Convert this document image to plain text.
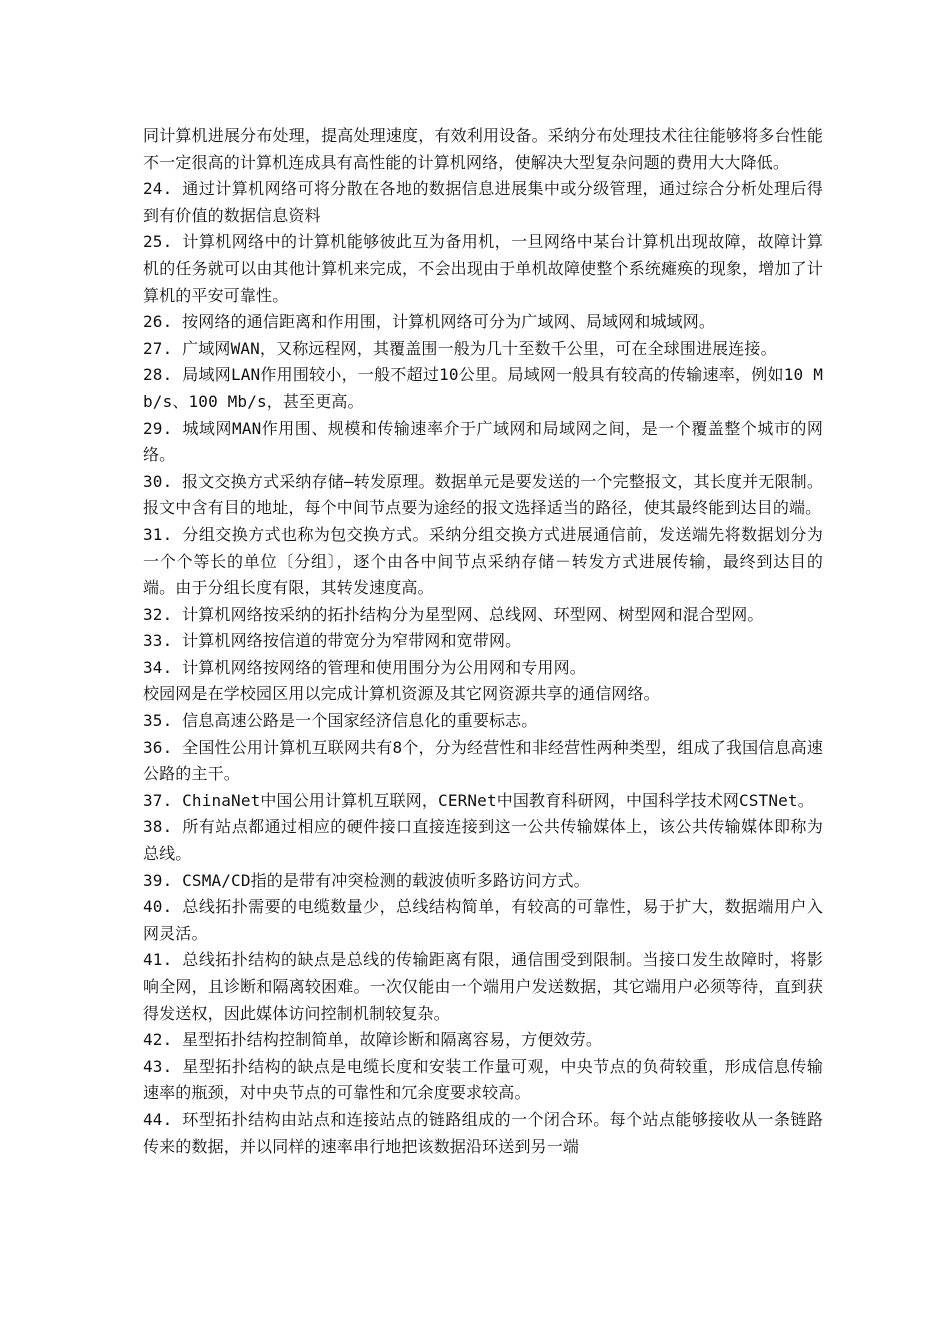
同计算机进展分布处理，提高处理速度，有效利用设备。采纳分布处理技术往往能够将多台性能不一定很高的计算机连成具有高性能的计算机网络，使解决大型复杂问题的费用大大降低。

24. 通过计算机网络可将分散在各地的数据信息进展集中或分级管理，通过综合分析处理后得到有价值的数据信息资料

25. 计算机网络中的计算机能够彼此互为备用机，一旦网络中某台计算机出现故障，故障计算机的任务就可以由其他计算机来完成，不会出现由于单机故障使整个系统瘫痪的现象，增加了计算机的平安可靠性。

26. 按网络的通信距离和作用围，计算机网络可分为广域网、局域网和城域网。

27. 广域网WAN，又称远程网，其覆盖围一般为几十至数千公里，可在全球围进展连接。

28. 局域网LAN作用围较小，一般不超过10公里。局域网一般具有较高的传输速率，例如10 Mb/s、100 Mb/s，甚至更高。

29. 城域网MAN作用围、规模和传输速率介于广域网和局域网之间，是一个覆盖整个城市的网络。

30. 报文交换方式采纳存储—转发原理。数据单元是要发送的一个完整报文，其长度并无限制。报文中含有目的地址，每个中间节点要为途经的报文选择适当的路径，使其最终能到达目的端。

31. 分组交换方式也称为包交换方式。采纳分组交换方式进展通信前，发送端先将数据划分为一个个等长的单位〔分组〕，逐个由各中间节点采纳存储－转发方式进展传输，最终到达目的端。由于分组长度有限，其转发速度高。

32. 计算机网络按采纳的拓扑结构分为星型网、总线网、环型网、树型网和混合型网。

33. 计算机网络按信道的带宽分为窄带网和宽带网。

34. 计算机网络按网络的管理和使用围分为公用网和专用网。

校园网是在学校园区用以完成计算机资源及其它网资源共享的通信网络。

35. 信息高速公路是一个国家经济信息化的重要标志。

36. 全国性公用计算机互联网共有8个，分为经营性和非经营性两种类型，组成了我国信息高速公路的主干。

37. ChinaNet中国公用计算机互联网，CERNet中国教育科研网，中国科学技术网CSTNet。

38. 所有站点都通过相应的硬件接口直接连接到这一公共传输媒体上，该公共传输媒体即称为总线。

39. CSMA/CD指的是带有冲突检测的载波侦听多路访问方式。

40. 总线拓扑需要的电缆数量少，总线结构简单，有较高的可靠性，易于扩大，数据端用户入网灵活。

41. 总线拓扑结构的缺点是总线的传输距离有限，通信围受到限制。当接口发生故障时，将影响全网，且诊断和隔离较困难。一次仅能由一个端用户发送数据，其它端用户必须等待，直到获得发送权，因此媒体访问控制机制较复杂。

42. 星型拓扑结构控制简单，故障诊断和隔离容易，方便效劳。

43. 星型拓扑结构的缺点是电缆长度和安装工作量可观，中央节点的负荷较重，形成信息传输速率的瓶颈，对中央节点的可靠性和冗余度要求较高。

44. 环型拓扑结构由站点和连接站点的链路组成的一个闭合环。每个站点能够接收从一条链路传来的数据，并以同样的速率串行地把该数据沿环送到另一端
